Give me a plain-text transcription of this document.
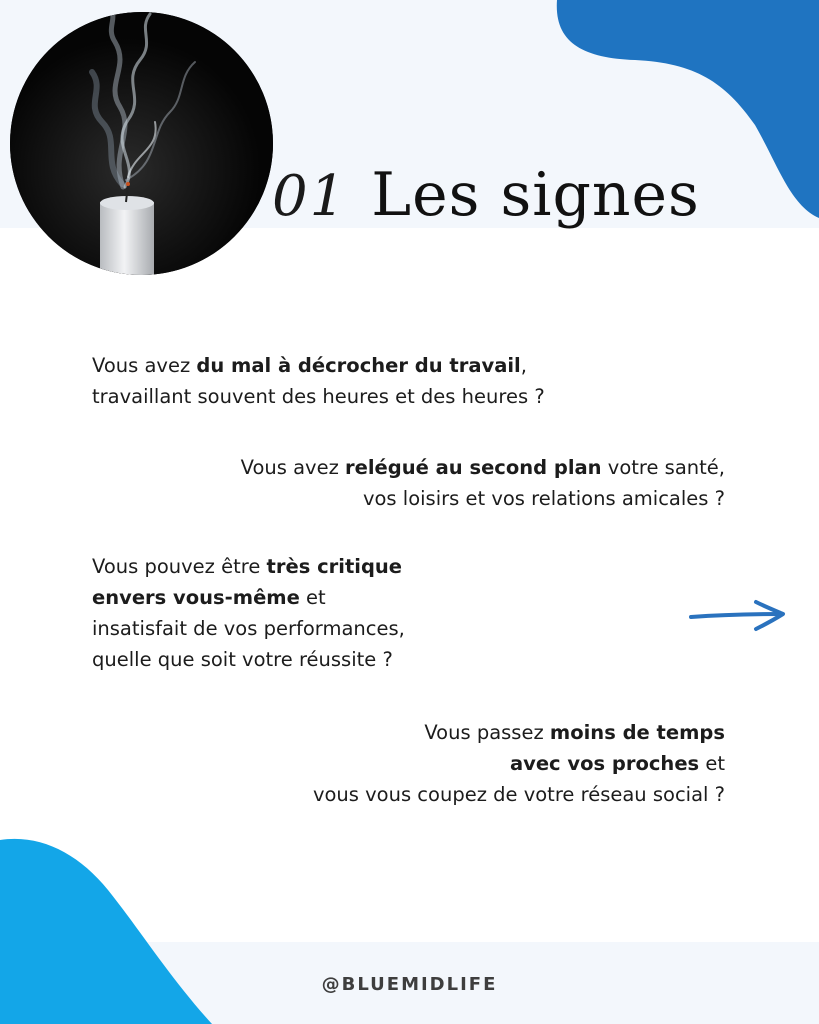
01 Les signes

Vous avez du mal à décrocher du travail,
travaillant souvent des heures et des heures ?

Vous avez relégué au second plan votre santé,
vos loisirs et vos relations amicales ?

Vous pouvez être très critique
envers vous-même et
insatisfait de vos performances,
quelle que soit votre réussite ?

Vous passez moins de temps
avec vos proches et
vous vous coupez de votre réseau social ?

@BLUEMIDLIFE
